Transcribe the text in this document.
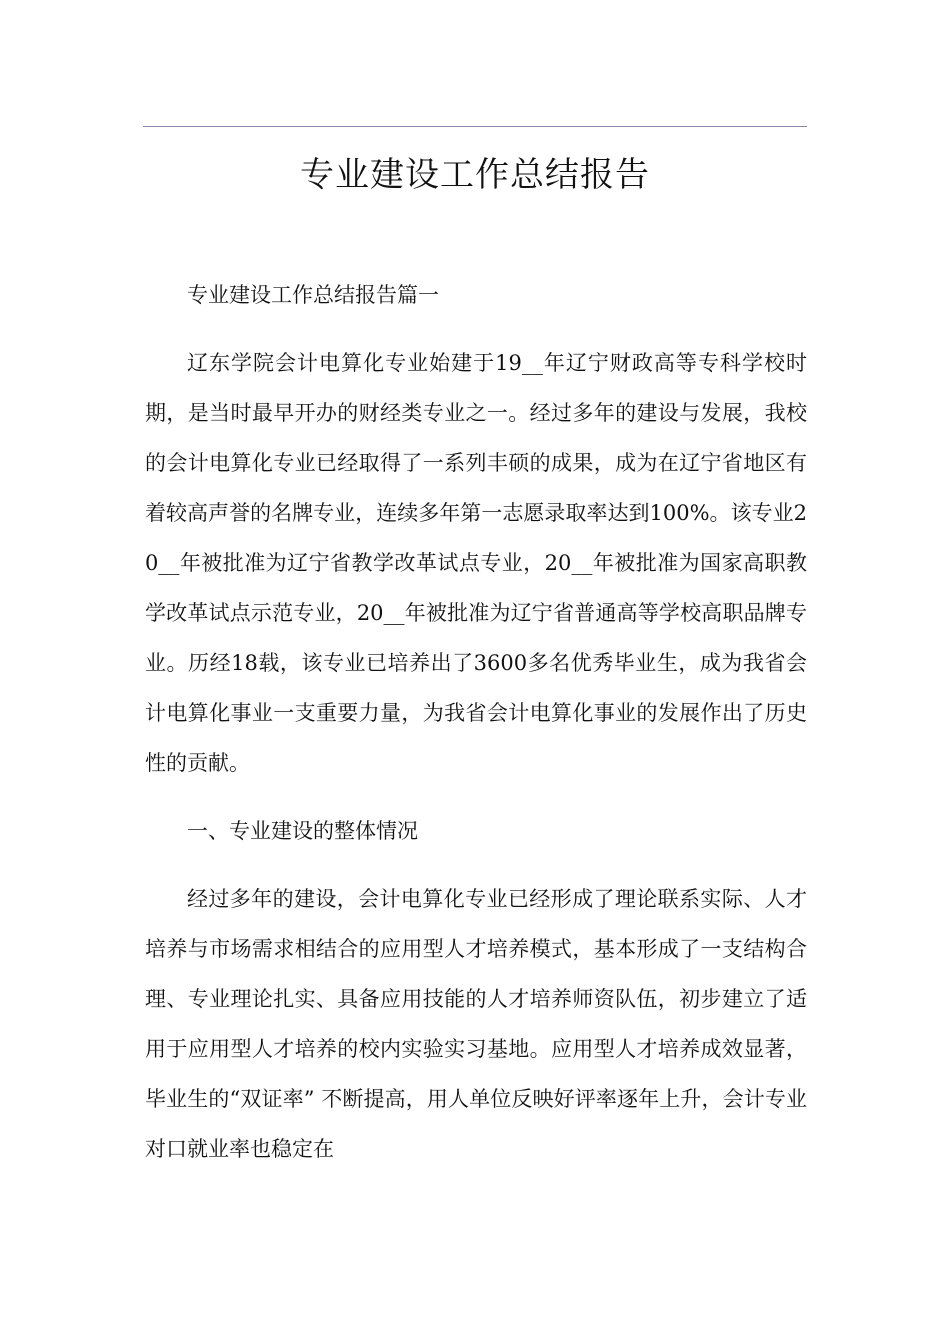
专业建设工作总结报告

专业建设工作总结报告篇一

辽东学院会计电算化专业始建于19__年辽宁财政高等专科学校时期，是当时最早开办的财经类专业之一。经过多年的建设与发展，我校的会计电算化专业已经取得了一系列丰硕的成果，成为在辽宁省地区有着较高声誉的名牌专业，连续多年第一志愿录取率达到100%。该专业20__年被批准为辽宁省教学改革试点专业，20__年被批准为国家高职教学改革试点示范专业，20__年被批准为辽宁省普通高等学校高职品牌专业。历经18载，该专业已培养出了3600多名优秀毕业生，成为我省会计电算化事业一支重要力量，为我省会计电算化事业的发展作出了历史性的贡献。

一、专业建设的整体情况

经过多年的建设，会计电算化专业已经形成了理论联系实际、人才培养与市场需求相结合的应用型人才培养模式，基本形成了一支结构合理、专业理论扎实、具备应用技能的人才培养师资队伍，初步建立了适用于应用型人才培养的校内实验实习基地。应用型人才培养成效显著，毕业生的“双证率” 不断提高，用人单位反映好评率逐年上升，会计专业对口就业率也稳定在
